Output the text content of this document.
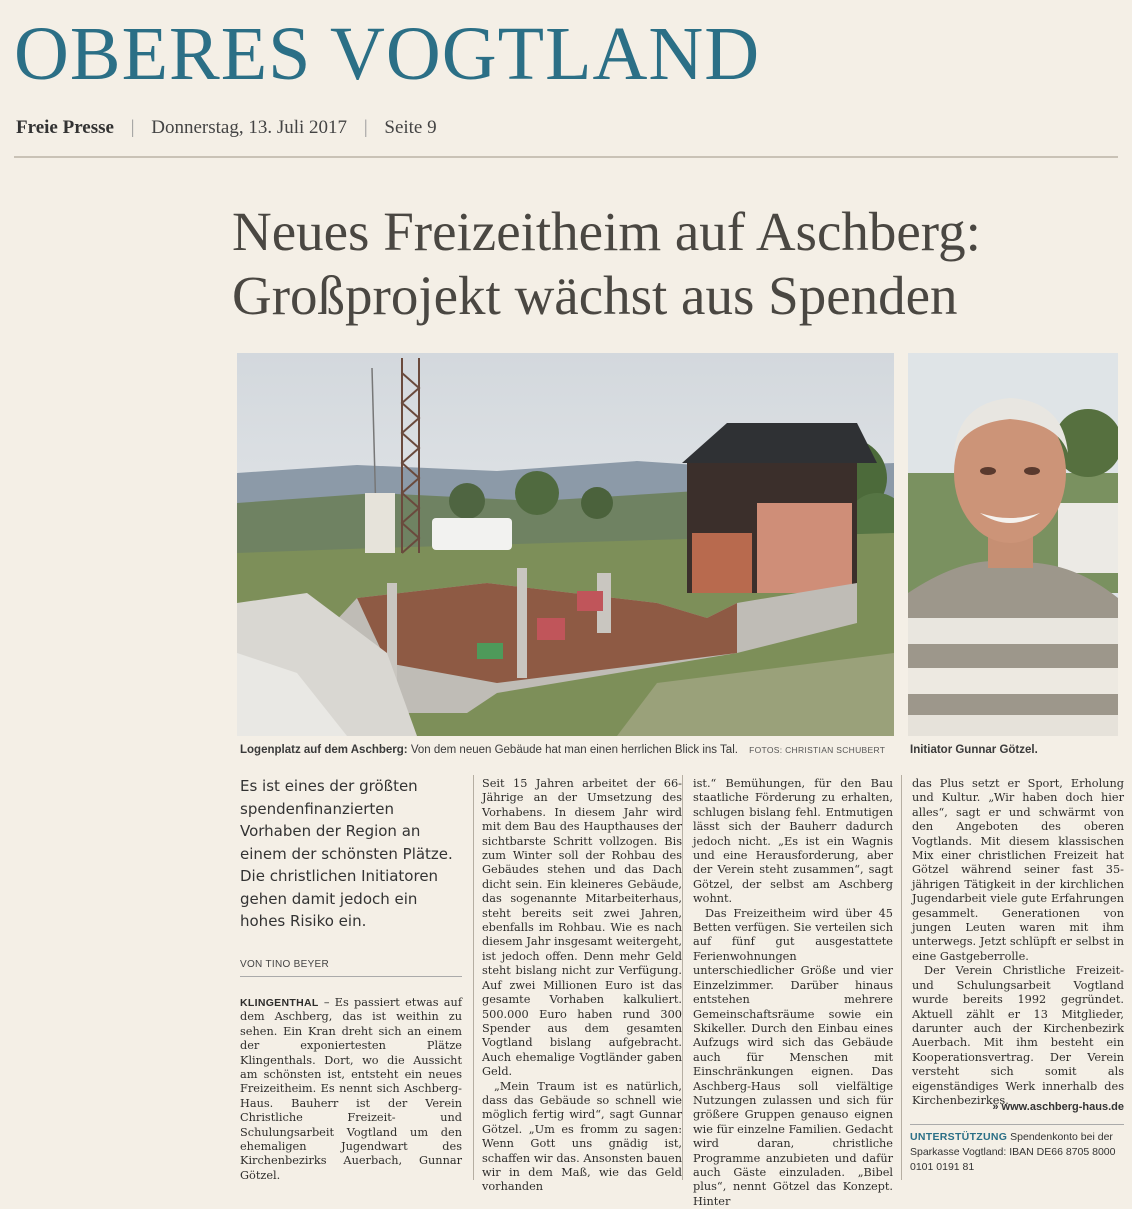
OBERES VOGTLAND
Freie Presse | Donnerstag, 13. Juli 2017 | Seite 9
Neues Freizeitheim auf Aschberg:
Großprojekt wächst aus Spenden
Logenplatz auf dem Aschberg: Von dem neuen Gebäude hat man einen herrlichen Blick ins Tal. FOTOS: CHRISTIAN SCHUBERT	Initiator Gunnar Götzel.
Es ist eines der größten spendenfinanzierten Vorhaben der Region an einem der schönsten Plätze. Die christlichen Initiatoren gehen damit jedoch ein hohes Risiko ein.
VON TINO BEYER

KLINGENTHAL – Es passiert etwas auf dem Aschberg, das ist weithin zu sehen. Ein Kran dreht sich an einem der exponiertesten Plätze Klingenthals. Dort, wo die Aussicht am schönsten ist, entsteht ein neues Freizeitheim. Es nennt sich Aschberg-Haus. Bauherr ist der Verein Christliche Freizeit- und Schulungsarbeit Vogtland um den ehemaligen Jugendwart des Kirchenbezirks Auerbach, Gunnar Götzel.

Seit 15 Jahren arbeitet der 66-Jährige an der Umsetzung des Vorhabens. In diesem Jahr wird mit dem Bau des Haupthauses der sichtbarste Schritt vollzogen. Bis zum Winter soll der Rohbau des Gebäudes stehen und das Dach dicht sein. Ein kleineres Gebäude, das sogenannte Mitarbeiterhaus, steht bereits seit zwei Jahren, ebenfalls im Rohbau. Wie es nach diesem Jahr insgesamt weitergeht, ist jedoch offen. Denn mehr Geld steht bislang nicht zur Verfügung. Auf zwei Millionen Euro ist das gesamte Vorhaben kalkuliert. 500.000 Euro haben rund 300 Spender aus dem gesamten Vogtland bislang aufgebracht. Auch ehemalige Vogtländer gaben Geld.

„Mein Traum ist es natürlich, dass das Gebäude so schnell wie möglich fertig wird“, sagt Gunnar Götzel. „Um es fromm zu sagen: Wenn Gott uns gnädig ist, schaffen wir das. Ansonsten bauen wir in dem Maß, wie das Geld vorhanden

ist.“ Bemühungen, für den Bau staatliche Förderung zu erhalten, schlugen bislang fehl. Entmutigen lässt sich der Bauherr dadurch jedoch nicht. „Es ist ein Wagnis und eine Herausforderung, aber der Verein steht zusammen“, sagt Götzel, der selbst am Aschberg wohnt.

Das Freizeitheim wird über 45 Betten verfügen. Sie verteilen sich auf fünf gut ausgestattete Ferienwohnungen unterschiedlicher Größe und vier Einzelzimmer. Darüber hinaus entstehen mehrere Gemeinschaftsräume sowie ein Skikeller. Durch den Einbau eines Aufzugs wird sich das Gebäude auch für Menschen mit Einschränkungen eignen. Das Aschberg-Haus soll vielfältige Nutzungen zulassen und sich für größere Gruppen genauso eignen wie für einzelne Familien. Gedacht wird daran, christliche Programme anzubieten und dafür auch Gäste einzuladen. „Bibel plus“, nennt Götzel das Konzept. Hinter

das Plus setzt er Sport, Erholung und Kultur. „Wir haben doch hier alles“, sagt er und schwärmt von den Angeboten des oberen Vogtlands. Mit diesem klassischen Mix einer christlichen Freizeit hat Götzel während seiner fast 35-jährigen Tätigkeit in der kirchlichen Jugendarbeit viele gute Erfahrungen gesammelt. Generationen von jungen Leuten waren mit ihm unterwegs. Jetzt schlüpft er selbst in eine Gastgeberrolle.

Der Verein Christliche Freizeit- und Schulungsarbeit Vogtland wurde bereits 1992 gegründet. Aktuell zählt er 13 Mitglieder, darunter auch der Kirchenbezirk Auerbach. Mit ihm besteht ein Kooperationsvertrag. Der Verein versteht sich somit als eigenständiges Werk innerhalb des Kirchenbezirkes.

» www.aschberg-haus.de
UNTERSTÜTZUNG Spendenkonto bei der Sparkasse Vogtland: IBAN DE66 8705 8000 0101 0191 81
